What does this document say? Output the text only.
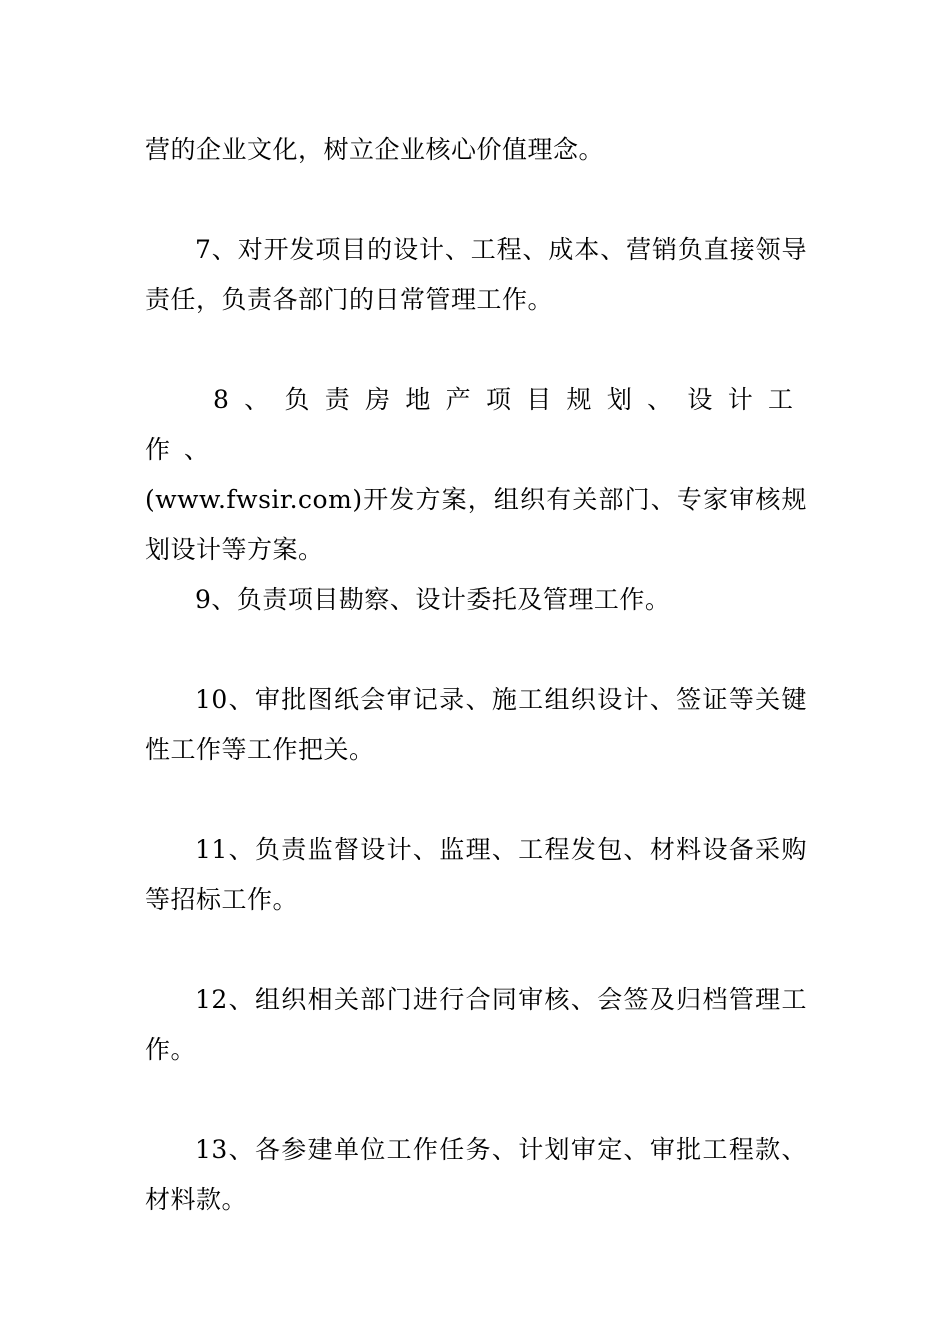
营的企业文化，树立企业核心价值理念。

7、对开发项目的设计、工程、成本、营销负直接领导责任，负责各部门的日常管理工作。

8、负责房地产项目规划、设计工作、
(www.fwsir.com)开发方案，组织有关部门、专家审核规划设计等方案。

9、负责项目勘察、设计委托及管理工作。

10、审批图纸会审记录、施工组织设计、签证等关键性工作等工作把关。

11、负责监督设计、监理、工程发包、材料设备采购等招标工作。

12、组织相关部门进行合同审核、会签及归档管理工作。

13、各参建单位工作任务、计划审定、审批工程款、材料款。
